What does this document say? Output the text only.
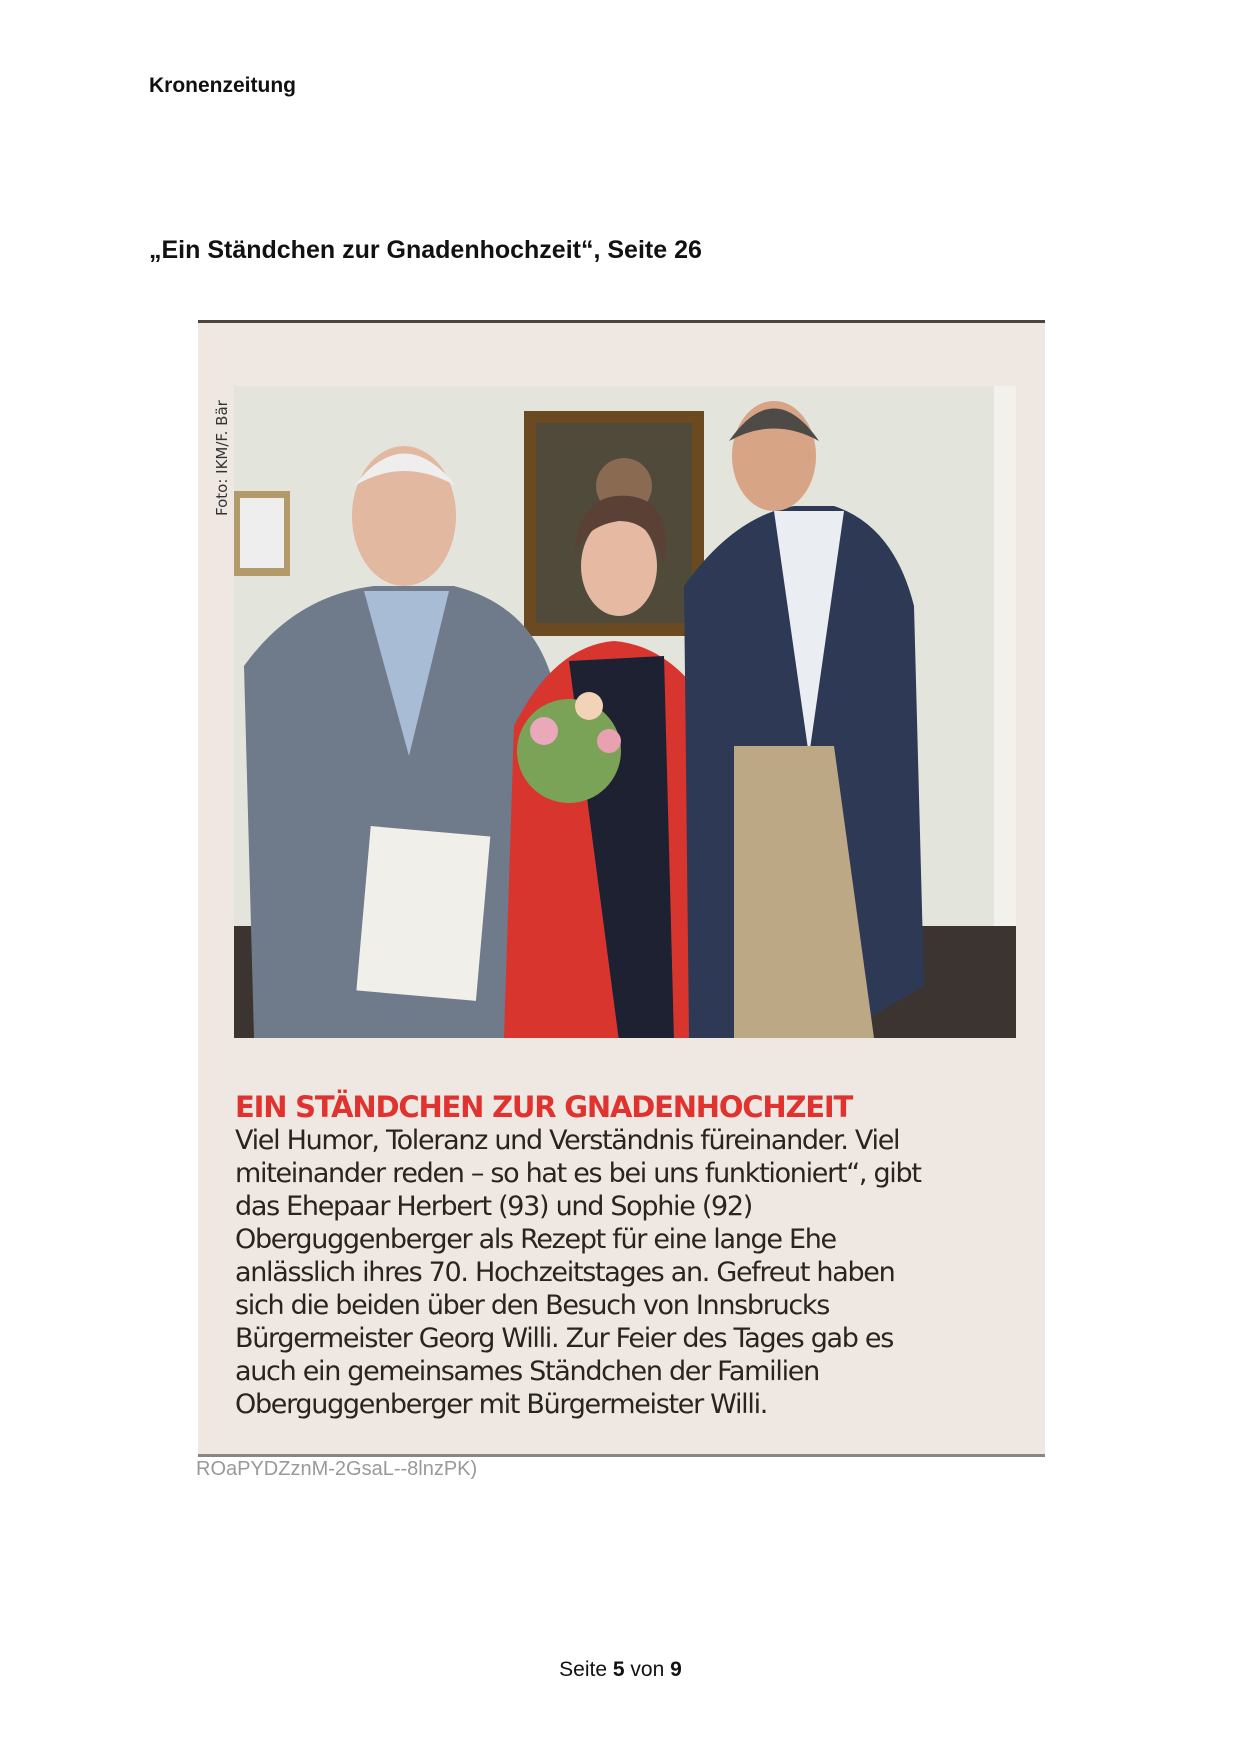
Kronenzeitung
„Ein Ständchen zur Gnadenhochzeit“, Seite 26
Foto: IKM/F. Bär
EIN STÄNDCHEN ZUR GNADENHOCHZEIT
Viel Humor, Toleranz und Verständnis füreinander. Viel
miteinander reden – so hat es bei uns funktioniert“, gibt
das Ehepaar Herbert (93) und Sophie (92)
Oberguggenberger als Rezept für eine lange Ehe
anlässlich ihres 70. Hochzeitstages an. Gefreut haben
sich die beiden über den Besuch von Innsbrucks
Bürgermeister Georg Willi. Zur Feier des Tages gab es
auch ein gemeinsames Ständchen der Familien
Oberguggenberger mit Bürgermeister Willi.
ROaPYDZznM-2GsaL--8lnzPK)
Seite 5 von 9
